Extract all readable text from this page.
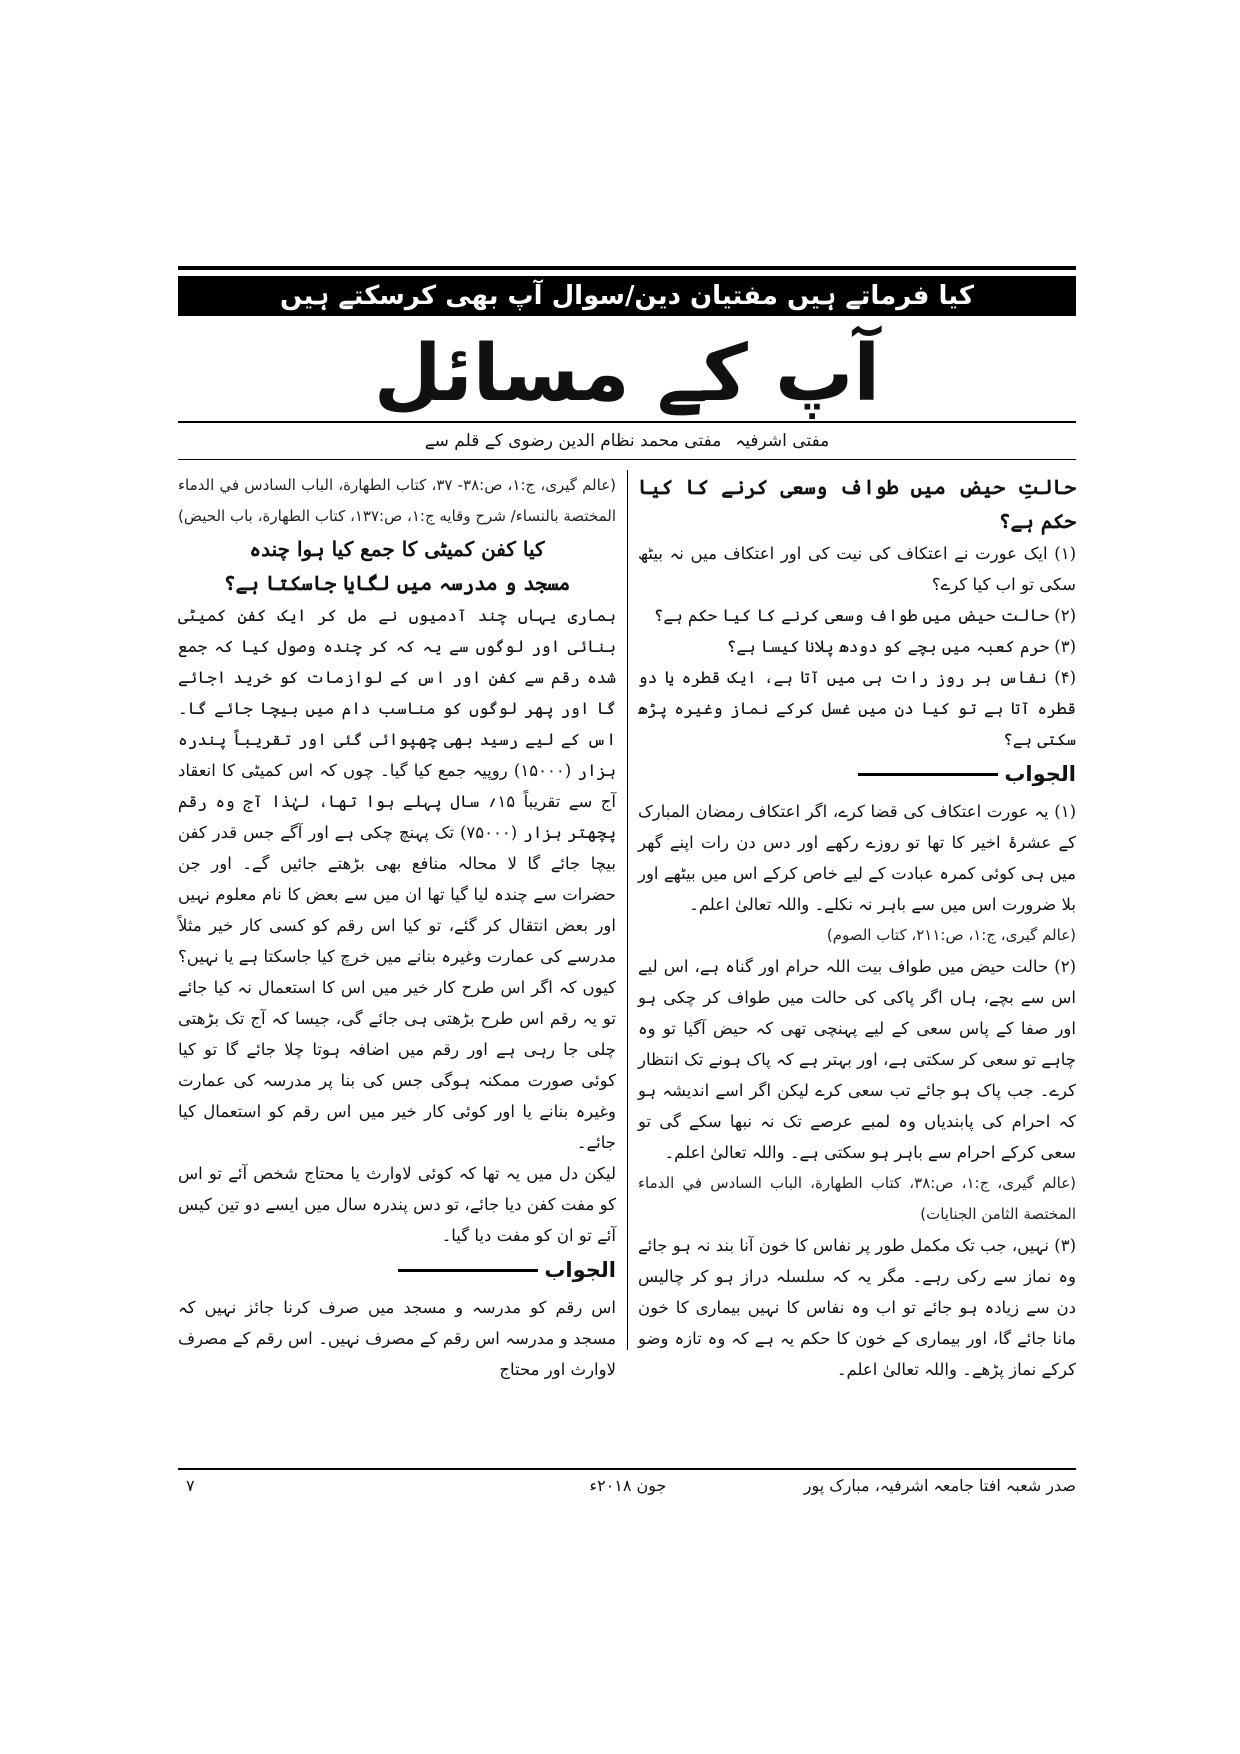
کیا فرماتے ہیں مفتیان دین/سوال آپ بھی کرسکتے ہیں
آپ کے مسائل
مفتی اشرفیہمفتی محمد نظام الدین رضوی کے قلم سے

حالتِ حیض میں طواف وسعی کرنے کا کیا حکم ہے؟

(۱) ایک عورت نے اعتکاف کی نیت کی اور اعتکاف میں نہ بیٹھ سکی تو اب کیا کرے؟

(۲) حالت حیض میں طواف وسعی کرنے کا کیا حکم ہے؟

(۳) حرم کعبہ میں بچے کو دودھ پلانا کیسا ہے؟

(۴) نفاس ہر روز رات ہی میں آتا ہے، ایک قطرہ یا دو قطرہ آتا ہے تو کیا دن میں غسل کرکے نماز وغیرہ پڑھ سکتی ہے؟

الجواب

(۱) یہ عورت اعتکاف کی قضا کرے، اگر اعتکاف رمضان المبارک کے عشرۂ اخیر کا تھا تو روزے رکھے اور دس دن رات اپنے گھر میں ہی کوئی کمرہ عبادت کے لیے خاص کرکے اس میں بیٹھے اور بلا ضرورت اس میں سے باہر نہ نکلے۔ واللہ تعالیٰ اعلم۔

(عالم گیری، ج:۱، ص:۲۱۱، کتاب الصوم)

(۲) حالت حیض میں طواف بیت اللہ حرام اور گناہ ہے، اس لیے اس سے بچے، ہاں اگر پاکی کی حالت میں طواف کر چکی ہو اور صفا کے پاس سعی کے لیے پہنچی تھی کہ حیض آگیا تو وہ چاہے تو سعی کر سکتی ہے، اور بہتر ہے کہ پاک ہونے تک انتظار کرے۔ جب پاک ہو جائے تب سعی کرے لیکن اگر اسے اندیشہ ہو کہ احرام کی پابندیاں وہ لمبے عرصے تک نہ نبھا سکے گی تو سعی کرکے احرام سے باہر ہو سکتی ہے۔ واللہ تعالیٰ اعلم۔

(عالم گیری، ج:۱، ص:۳۸، کتاب الطهارة، الباب السادس في الدماء المختصة الثامن الجنايات)

(۳) نہیں، جب تک مکمل طور پر نفاس کا خون آنا بند نہ ہو جائے وہ نماز سے رکی رہے۔ مگر یہ کہ سلسلہ دراز ہو کر چالیس دن سے زیادہ ہو جائے تو اب وہ نفاس کا نہیں بیماری کا خون مانا جائے گا، اور بیماری کے خون کا حکم یہ ہے کہ وہ تازہ وضو کرکے نماز پڑھے۔ واللہ تعالیٰ اعلم۔

(عالم گیری، ج:۱، ص:۳۸- ۳۷، کتاب الطهارة، الباب السادس في الدماء المختصة بالنساء/ شرح وقايه ج:۱، ص:۱۳۷، کتاب الطهارة، باب الحيض)

کیا کفن کمیٹی کا جمع کیا ہوا چندہ

مسجد و مدرسہ میں لگایا جاسکتا ہے؟

ہماری یہاں چند آدمیوں نے مل کر ایک کفن کمیٹی بنائی اور لوگوں سے یہ کہ کر چندہ وصول کیا کہ جمع شدہ رقم سے کفن اور اس کے لوازمات کو خرید اجائے گا اور پھر لوگوں کو مناسب دام میں بیچا جائے گا۔ اس کے لیے رسید بھی چھپوائی گئی اور تقریباً پندرہ ہزار (۱۵۰۰۰) روپیہ جمع کیا گیا۔ چوں کہ اس کمیٹی کا انعقاد آج سے تقریباً ۱۵؍ سال پہلے ہوا تھا، لہٰذا آج وہ رقم پچھتر ہزار (۷۵۰۰۰) تک پہنچ چکی ہے اور آگے جس قدر کفن بیچا جائے گا لا محالہ منافع بھی بڑھتے جائیں گے۔ اور جن حضرات سے چندہ لیا گیا تھا ان میں سے بعض کا نام معلوم نہیں اور بعض انتقال کر گئے، تو کیا اس رقم کو کسی کار خیر مثلاً مدرسے کی عمارت وغیرہ بنانے میں خرچ کیا جاسکتا ہے یا نہیں؟ کیوں کہ اگر اس طرح کار خیر میں اس کا استعمال نہ کیا جائے تو یہ رقم اس طرح بڑھتی ہی جائے گی، جیسا کہ آج تک بڑھتی چلی جا رہی ہے اور رقم میں اضافہ ہوتا چلا جائے گا تو کیا کوئی صورت ممکنہ ہوگی جس کی بنا پر مدرسہ کی عمارت وغیرہ بنانے یا اور کوئی کار خیر میں اس رقم کو استعمال کیا جائے۔

لیکن دل میں یہ تھا کہ کوئی لاوارث یا محتاج شخص آئے تو اس کو مفت کفن دیا جائے، تو دس پندرہ سال میں ایسے دو تین کیس آئے تو ان کو مفت دیا گیا۔

الجواب

اس رقم کو مدرسہ و مسجد میں صرف کرنا جائز نہیں کہ مسجد و مدرسہ اس رقم کے مصرف نہیں۔ اس رقم کے مصرف لاوارث اور محتاج

صدر شعبہ افتا جامعہ اشرفیہ، مبارک پور
جون ۲۰۱۸ء
۷
